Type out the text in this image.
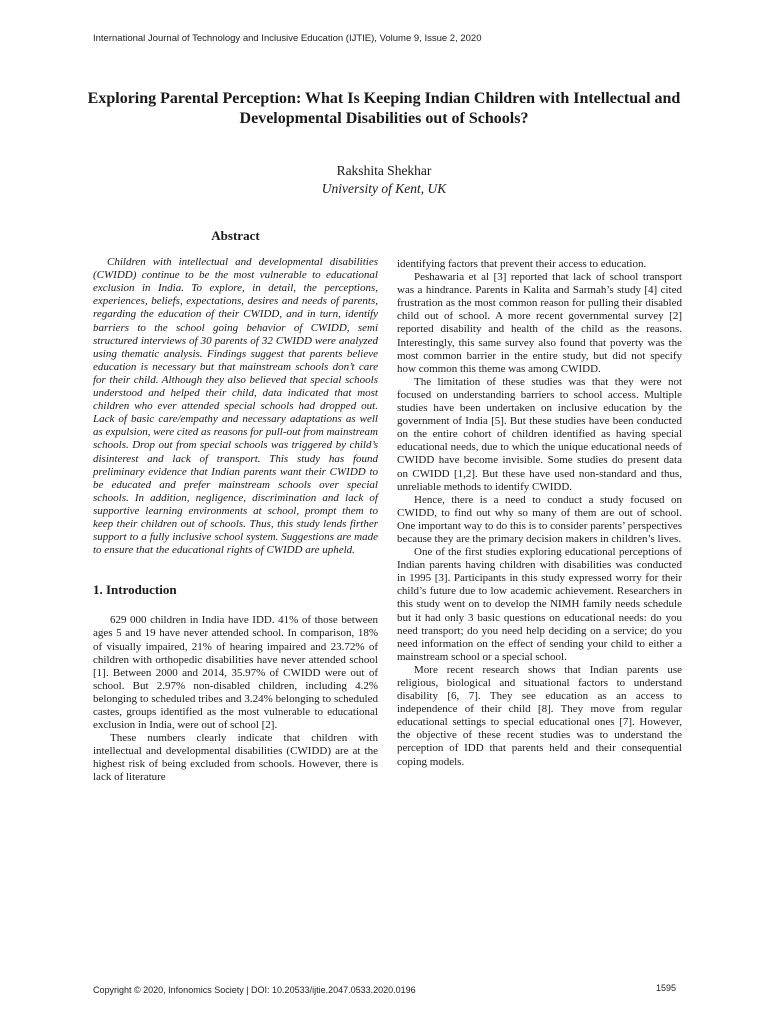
International Journal of Technology and Inclusive Education (IJTIE), Volume 9, Issue 2, 2020
Exploring Parental Perception: What Is Keeping Indian Children with Intellectual and Developmental Disabilities out of Schools?
Rakshita Shekhar
University of Kent, UK
Abstract

Children with intellectual and developmental disabilities (CWIDD) continue to be the most vulnerable to educational exclusion in India. To explore, in detail, the perceptions, experiences, beliefs, expectations, desires and needs of parents, regarding the education of their CWIDD, and in turn, identify barriers to the school going behavior of CWIDD, semi structured interviews of 30 parents of 32 CWIDD were analyzed using thematic analysis. Findings suggest that parents believe education is necessary but that mainstream schools don’t care for their child. Although they also believed that special schools understood and helped their child, data indicated that most children who ever attended special schools had dropped out. Lack of basic care/empathy and necessary adaptations as well as expulsion, were cited as reasons for pull-out from mainstream schools. Drop out from special schools was triggered by child’s disinterest and lack of transport. This study has found preliminary evidence that Indian parents want their CWIDD to be educated and prefer mainstream schools over special schools. In addition, negligence, discrimination and lack of supportive learning environments at school, prompt them to keep their children out of schools. Thus, this study lends firther support to a fully inclusive school system. Suggestions are made to ensure that the educational rights of CWIDD are upheld.

1. Introduction

629 000 children in India have IDD. 41% of those between ages 5 and 19 have never attended school. In comparison, 18% of visually impaired, 21% of hearing impaired and 23.72% of children with orthopedic disabilities have never attended school [1]. Between 2000 and 2014, 35.97% of CWIDD were out of school. But 2.97% non-disabled children, including 4.2% belonging to scheduled tribes and 3.24% belonging to scheduled castes, groups identified as the most vulnerable to educational exclusion in India, were out of school [2].

These numbers clearly indicate that children with intellectual and developmental disabilities (CWIDD) are at the highest risk of being excluded from schools. However, there is lack of literature

identifying factors that prevent their access to education.

Peshawaria et al [3] reported that lack of school transport was a hindrance. Parents in Kalita and Sarmah’s study [4] cited frustration as the most common reason for pulling their disabled child out of school. A more recent governmental survey [2] reported disability and health of the child as the reasons. Interestingly, this same survey also found that poverty was the most common barrier in the entire study, but did not specify how common this theme was among CWIDD.

The limitation of these studies was that they were not focused on understanding barriers to school access. Multiple studies have been undertaken on inclusive education by the government of India [5]. But these studies have been conducted on the entire cohort of children identified as having special educational needs, due to which the unique educational needs of CWIDD have become invisible. Some studies do present data on CWIDD [1,2]. But these have used non-standard and thus, unreliable methods to identify CWIDD.

Hence, there is a need to conduct a study focused on CWIDD, to find out why so many of them are out of school. One important way to do this is to consider parents’ perspectives because they are the primary decision makers in children’s lives.

One of the first studies exploring educational perceptions of Indian parents having children with disabilities was conducted in 1995 [3]. Participants in this study expressed worry for their child’s future due to low academic achievement. Researchers in this study went on to develop the NIMH family needs schedule but it had only 3 basic questions on educational needs: do you need transport; do you need help deciding on a service; do you need information on the effect of sending your child to either a mainstream school or a special school.

More recent research shows that Indian parents use religious, biological and situational factors to understand disability [6, 7]. They see education as an access to independence of their child [8]. They move from regular educational settings to special educational ones [7]. However, the objective of these recent studies was to understand the perception of IDD that parents held and their consequential coping models.

Copyright © 2020, Infonomics Society | DOI: 10.20533/ijtie.2047.0533.2020.0196	1595
